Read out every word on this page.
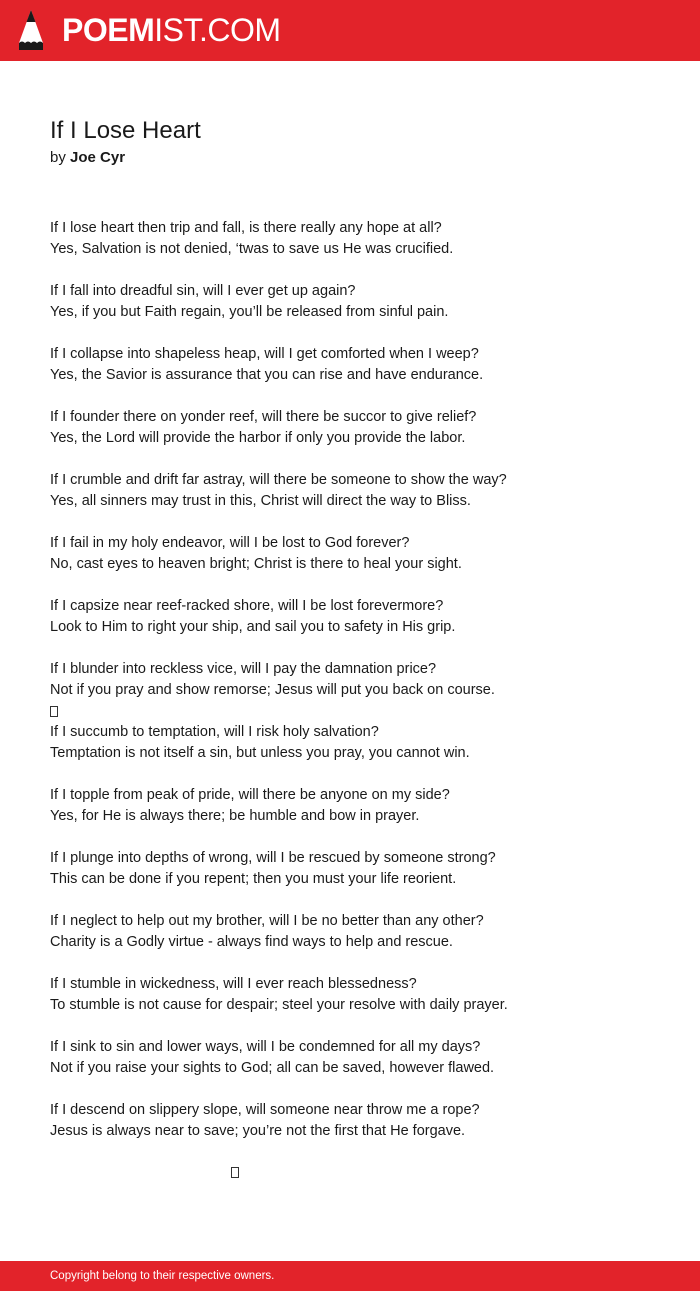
POEMIST.COM
If I Lose Heart
by Joe Cyr
If I lose heart then trip and fall, is there really any hope at all?
Yes, Salvation is not denied, ‘twas to save us He was crucified.
If I fall into dreadful sin, will I ever get up again?
Yes, if you but Faith regain, you’ll be released from sinful pain.
If I collapse into shapeless heap, will I get comforted when I weep?
Yes, the Savior is assurance that you can rise and have endurance.
If I founder there on yonder reef, will there be succor to give relief?
Yes, the Lord will provide the harbor if only you provide the labor.
If I crumble and drift far astray, will there be someone to show the way?
Yes, all sinners may trust in this, Christ will direct the way to Bliss.
If I fail in my holy endeavor, will I be lost to God forever?
No, cast eyes to heaven bright; Christ is there to heal your sight.
If I capsize near reef-racked shore, will I be lost forevermore?
Look to Him to right your ship, and sail you to safety in His grip.
If I blunder into reckless vice, will I pay the damnation price?
Not if you pray and show remorse; Jesus will put you back on course.
If I succumb to temptation, will I risk holy salvation?
Temptation is not itself a sin, but unless you pray, you cannot win.
If I topple from peak of pride, will there be anyone on my side?
Yes, for He is always there; be humble and bow in prayer.
If I plunge into depths of wrong, will I be rescued by someone strong?
This can be done if you repent; then you must your life reorient.
If I neglect to help out my brother, will I be no better than any other?
Charity is a Godly virtue - always find ways to help and rescue.
If I stumble in wickedness, will I ever reach blessedness?
To stumble is not cause for despair; steel your resolve with daily prayer.
If I sink to sin and lower ways, will I be condemned for all my days?
Not if you raise your sights to God; all can be saved, however flawed.
If I descend on slippery slope, will someone near throw me a rope?
Jesus is always near to save; you’re not the first that He forgave.
Copyright belong to their respective owners.
